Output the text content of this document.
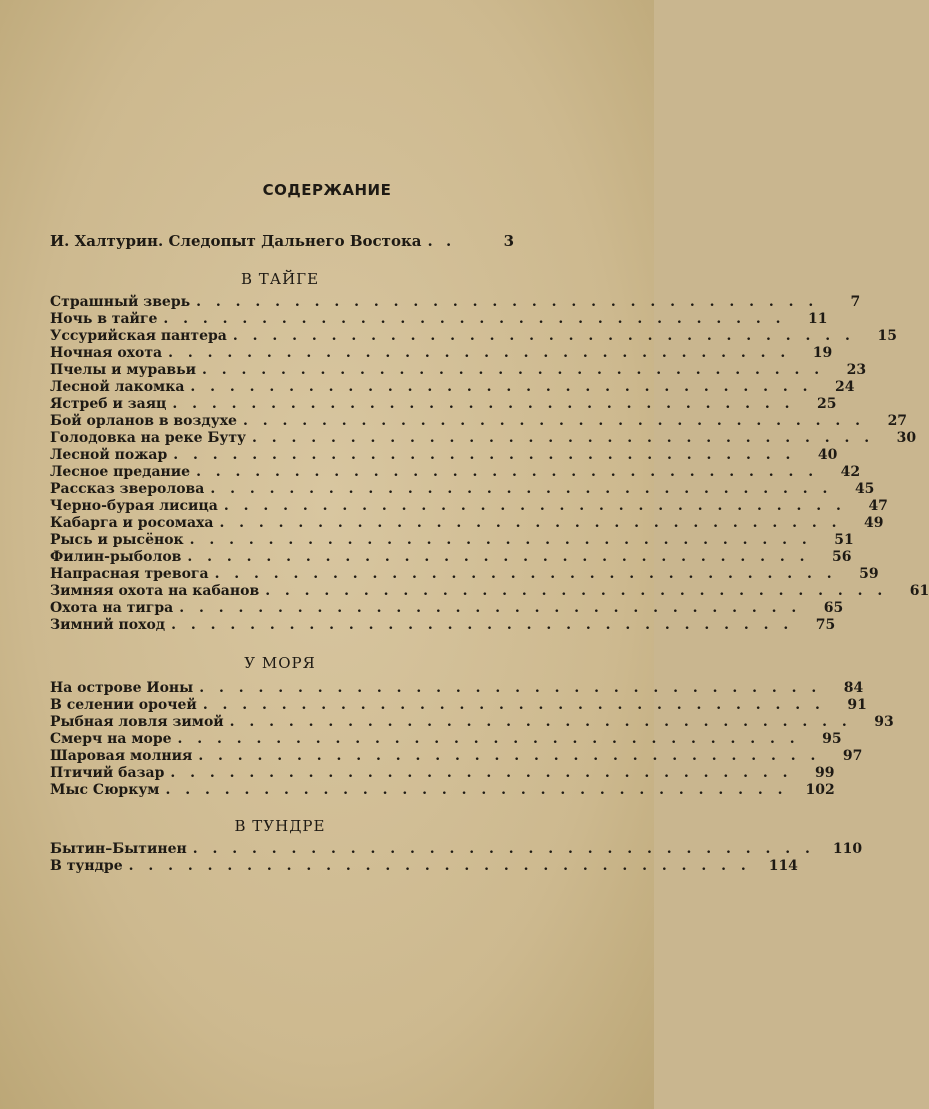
СОДЕРЖАНИЕ
И. Халтурин. Следопыт Дальнего Востока . .	3
В ТАЙГЕ
Страшный зверь . . . . . . . . . . . . . . . . . . . . . . . . . . . . . . . .	7
Ночь в тайге . . . . . . . . . . . . . . . . . . . . . . . . . . . . . . . .	11
Уссурийская пантера . . . . . . . . . . . . . . . . . . . . . . . . . . . . . . . .	15
Ночная охота . . . . . . . . . . . . . . . . . . . . . . . . . . . . . . . .	19
Пчелы и муравьи . . . . . . . . . . . . . . . . . . . . . . . . . . . . . . . .	23
Лесной лакомка . . . . . . . . . . . . . . . . . . . . . . . . . . . . . . . .	24
Ястреб и заяц . . . . . . . . . . . . . . . . . . . . . . . . . . . . . . . .	25
Бой орланов в воздухе . . . . . . . . . . . . . . . . . . . . . . . . . . . . . . . .	27
Голодовка на реке Буту . . . . . . . . . . . . . . . . . . . . . . . . . . . . . . . .	30
Лесной пожар . . . . . . . . . . . . . . . . . . . . . . . . . . . . . . . .	40
Лесное предание . . . . . . . . . . . . . . . . . . . . . . . . . . . . . . . .	42
Рассказ зверолова . . . . . . . . . . . . . . . . . . . . . . . . . . . . . . . .	45
Черно-бурая лисица . . . . . . . . . . . . . . . . . . . . . . . . . . . . . . . .	47
Кабарга и росомаха . . . . . . . . . . . . . . . . . . . . . . . . . . . . . . . .	49
Рысь и рысёнок . . . . . . . . . . . . . . . . . . . . . . . . . . . . . . . .	51
Филин-рыболов . . . . . . . . . . . . . . . . . . . . . . . . . . . . . . . .	56
Напрасная тревога . . . . . . . . . . . . . . . . . . . . . . . . . . . . . . . .	59
Зимняя охота на кабанов . . . . . . . . . . . . . . . . . . . . . . . . . . . . . . . .	61
Охота на тигра . . . . . . . . . . . . . . . . . . . . . . . . . . . . . . . .	65
Зимний поход . . . . . . . . . . . . . . . . . . . . . . . . . . . . . . . .	75
У МОРЯ
На острове Ионы . . . . . . . . . . . . . . . . . . . . . . . . . . . . . . . .	84
В селении орочей . . . . . . . . . . . . . . . . . . . . . . . . . . . . . . . .	91
Рыбная ловля зимой . . . . . . . . . . . . . . . . . . . . . . . . . . . . . . . .	93
Смерч на море . . . . . . . . . . . . . . . . . . . . . . . . . . . . . . . .	95
Шаровая молния . . . . . . . . . . . . . . . . . . . . . . . . . . . . . . . .	97
Птичий базар . . . . . . . . . . . . . . . . . . . . . . . . . . . . . . . .	99
Мыс Сюркум . . . . . . . . . . . . . . . . . . . . . . . . . . . . . . . . 102
В ТУНДРЕ
Бытин–Бытинен . . . . . . . . . . . . . . . . . . . . . . . . . . . . . . . . 110
В тундре . . . . . . . . . . . . . . . . . . . . . . . . . . . . . . . . 114
